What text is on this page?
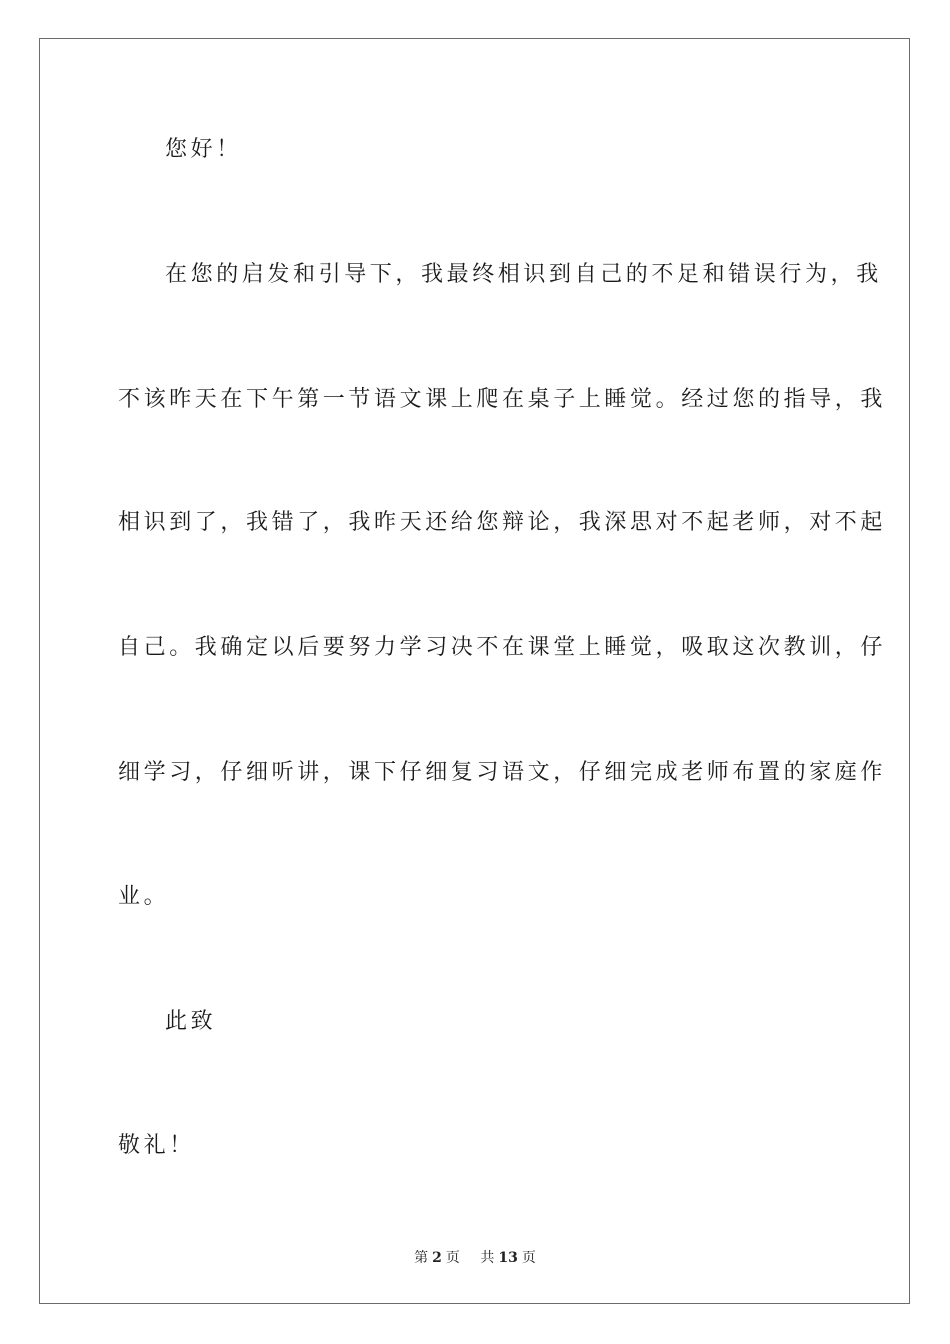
您好！
在您的启发和引导下，我最终相识到自己的不足和错误行为，我
不该昨天在下午第一节语文课上爬在桌子上睡觉。经过您的指导，我
相识到了，我错了，我昨天还给您辩论，我深思对不起老师，对不起
自己。我确定以后要努力学习决不在课堂上睡觉，吸取这次教训，仔
细学习，仔细听讲，课下仔细复习语文，仔细完成老师布置的家庭作
业。
此致
敬礼！
第 2 页 共 13 页
